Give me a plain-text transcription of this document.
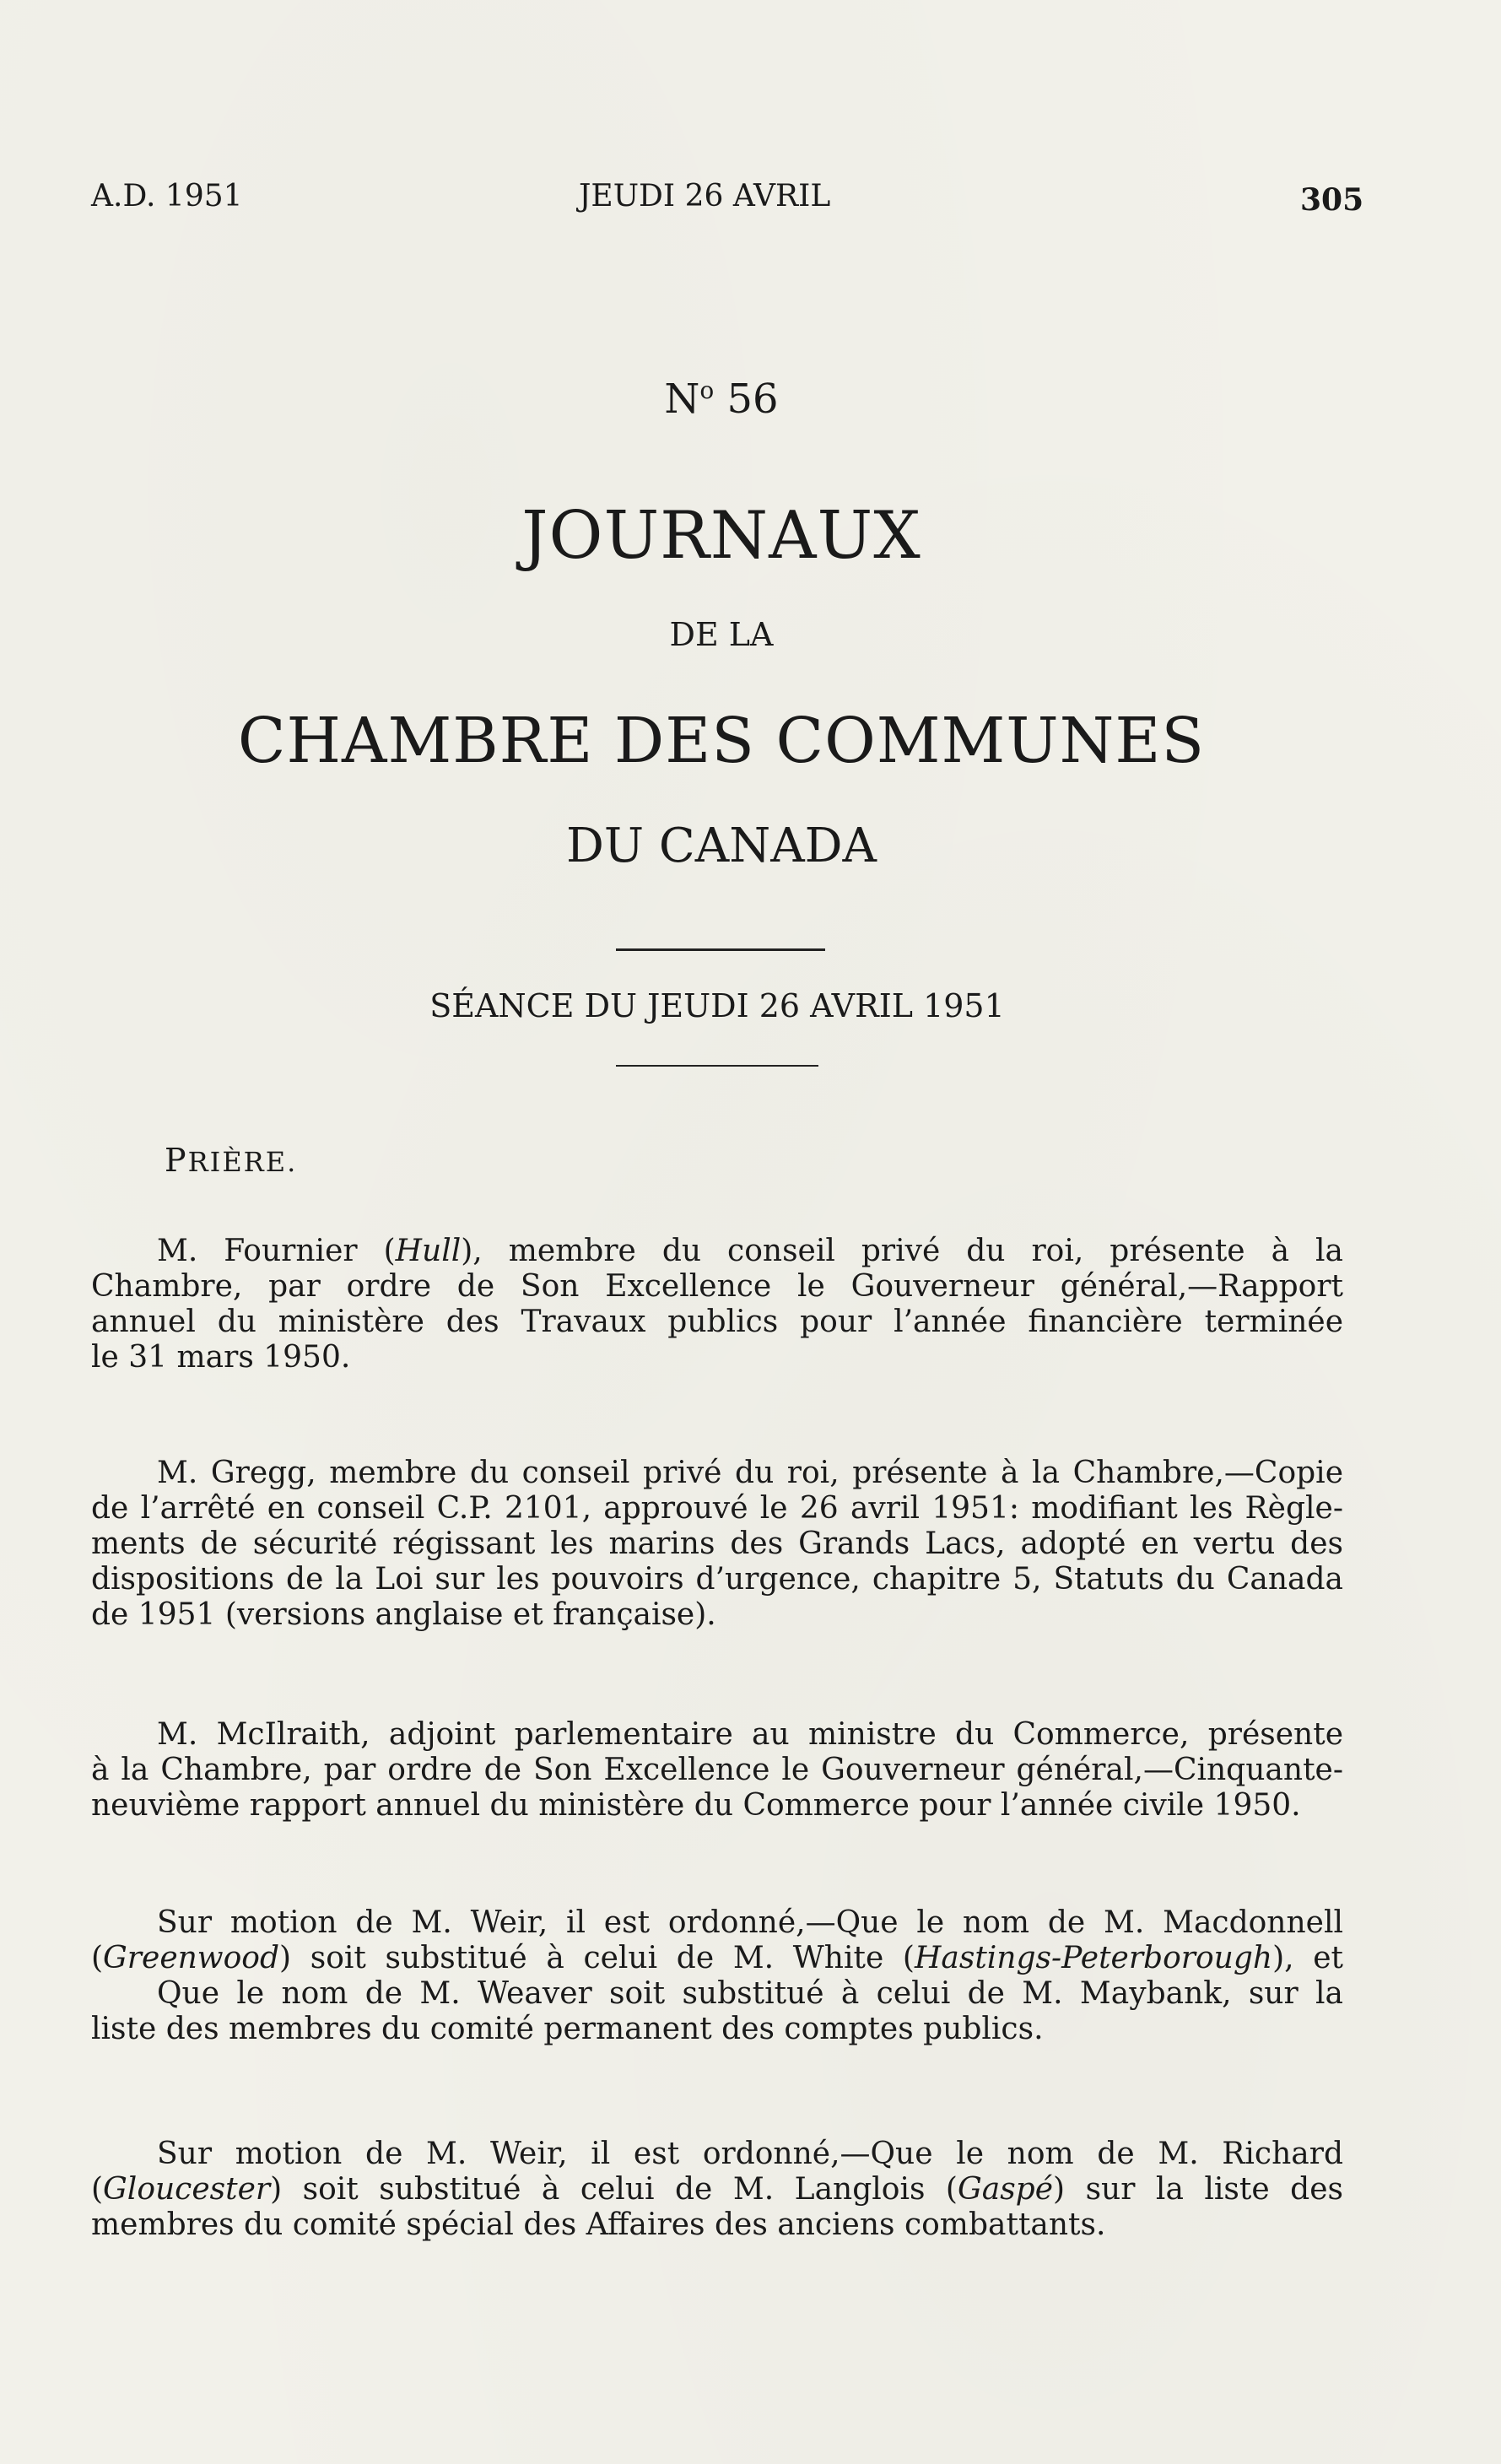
A.D. 1951	JEUDI 26 AVRIL	305
$N^o$ 56
JOURNAUX
DE LA
CHAMBRE DES COMMUNES
DU CANADA
SÉANCE DU JEUDI 26 AVRIL 1951
PRIÈRE.
M. Fournier (Hull), membre du conseil privé du roi, présente à la
Chambre, par ordre de Son Excellence le Gouverneur général,—Rapport
annuel du ministère des Travaux publics pour l’année financière terminée
le 31 mars 1950.
M. Gregg, membre du conseil privé du roi, présente à la Chambre,—Copie
de l’arrêté en conseil C.P. 2101, approuvé le 26 avril 1951: modifiant les Règle-
ments de sécurité régissant les marins des Grands Lacs, adopté en vertu des
dispositions de la Loi sur les pouvoirs d’urgence, chapitre 5, Statuts du Canada
de 1951 (versions anglaise et française).
M. McIlraith, adjoint parlementaire au ministre du Commerce, présente
à la Chambre, par ordre de Son Excellence le Gouverneur général,—Cinquante-
neuvième rapport annuel du ministère du Commerce pour l’année civile 1950.
Sur motion de M. Weir, il est ordonné,—Que le nom de M. Macdonnell
(Greenwood) soit substitué à celui de M. White (Hastings-Peterborough), et
Que le nom de M. Weaver soit substitué à celui de M. Maybank, sur la
liste des membres du comité permanent des comptes publics.
Sur motion de M. Weir, il est ordonné,—Que le nom de M. Richard
(Gloucester) soit substitué à celui de M. Langlois (Gaspé) sur la liste des
membres du comité spécial des Affaires des anciens combattants.
